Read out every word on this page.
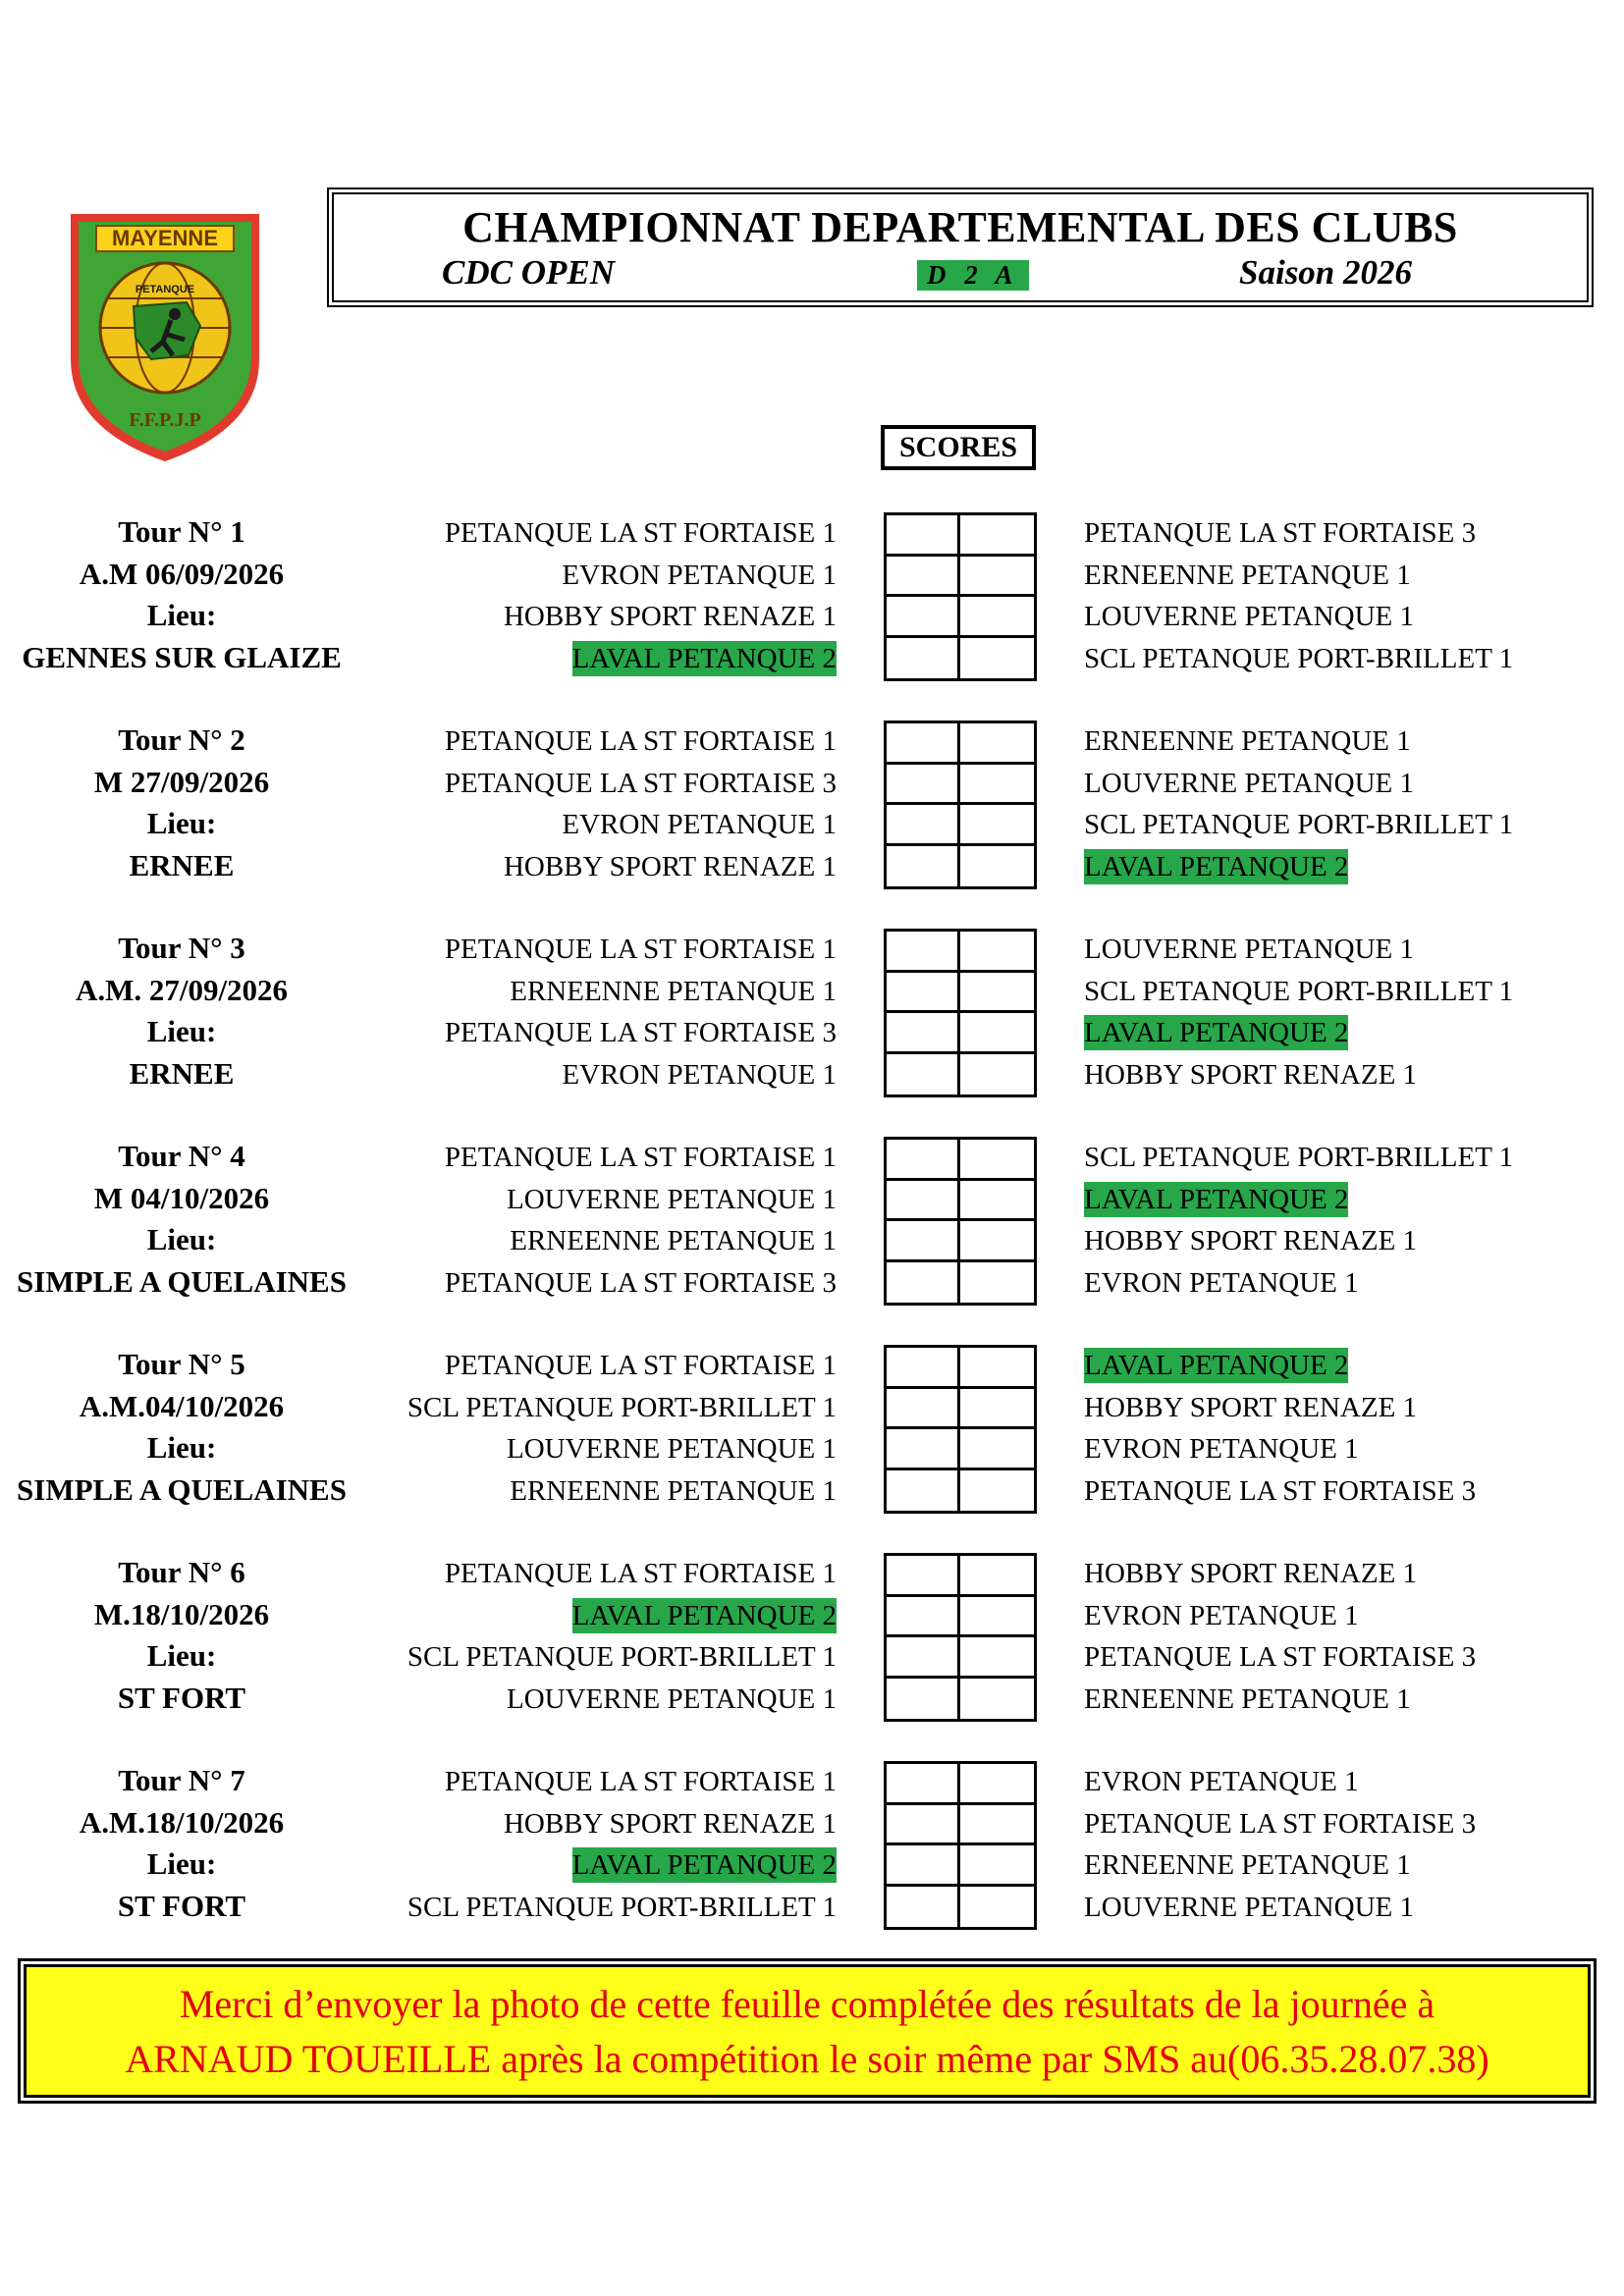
MAYENNE
PETANQUE
F.F.P.J.P
CHAMPIONNAT DEPARTEMENTAL DES CLUBS
CDC OPEN	D 2 A	Saison 2026
SCORES
Tour N° 1
A.M 06/09/2026
Lieu:
GENNES SUR GLAIZE
PETANQUE LA ST FORTAISE 1	PETANQUE LA ST FORTAISE 3
EVRON PETANQUE 1	ERNEENNE PETANQUE 1
HOBBY SPORT RENAZE 1	LOUVERNE PETANQUE 1
LAVAL PETANQUE 2	SCL PETANQUE PORT-BRILLET 1
Tour N° 2
M 27/09/2026
Lieu:
ERNEE
PETANQUE LA ST FORTAISE 1	ERNEENNE PETANQUE 1
PETANQUE LA ST FORTAISE 3	LOUVERNE PETANQUE 1
EVRON PETANQUE 1	SCL PETANQUE PORT-BRILLET 1
HOBBY SPORT RENAZE 1	LAVAL PETANQUE 2
Tour N° 3
A.M. 27/09/2026
Lieu:
ERNEE
PETANQUE LA ST FORTAISE 1	LOUVERNE PETANQUE 1
ERNEENNE PETANQUE 1	SCL PETANQUE PORT-BRILLET 1
PETANQUE LA ST FORTAISE 3	LAVAL PETANQUE 2
EVRON PETANQUE 1	HOBBY SPORT RENAZE 1
Tour N° 4
M 04/10/2026
Lieu:
SIMPLE A QUELAINES
PETANQUE LA ST FORTAISE 1	SCL PETANQUE PORT-BRILLET 1
LOUVERNE PETANQUE 1	LAVAL PETANQUE 2
ERNEENNE PETANQUE 1	HOBBY SPORT RENAZE 1
PETANQUE LA ST FORTAISE 3	EVRON PETANQUE 1
Tour N° 5
A.M.04/10/2026
Lieu:
SIMPLE A QUELAINES
PETANQUE LA ST FORTAISE 1	LAVAL PETANQUE 2
SCL PETANQUE PORT-BRILLET 1	HOBBY SPORT RENAZE 1
LOUVERNE PETANQUE 1	EVRON PETANQUE 1
ERNEENNE PETANQUE 1	PETANQUE LA ST FORTAISE 3
Tour N° 6
M.18/10/2026
Lieu:
ST FORT
PETANQUE LA ST FORTAISE 1	HOBBY SPORT RENAZE 1
LAVAL PETANQUE 2	EVRON PETANQUE 1
SCL PETANQUE PORT-BRILLET 1	PETANQUE LA ST FORTAISE 3
LOUVERNE PETANQUE 1	ERNEENNE PETANQUE 1
Tour N° 7
A.M.18/10/2026
Lieu:
ST FORT
PETANQUE LA ST FORTAISE 1	EVRON PETANQUE 1
HOBBY SPORT RENAZE 1	PETANQUE LA ST FORTAISE 3
LAVAL PETANQUE 2	ERNEENNE PETANQUE 1
SCL PETANQUE PORT-BRILLET 1	LOUVERNE PETANQUE 1
Merci d’envoyer la photo de cette feuille complétée des résultats de la journée à
ARNAUD TOUEILLE après la compétition le soir même par SMS au(06.35.28.07.38)
